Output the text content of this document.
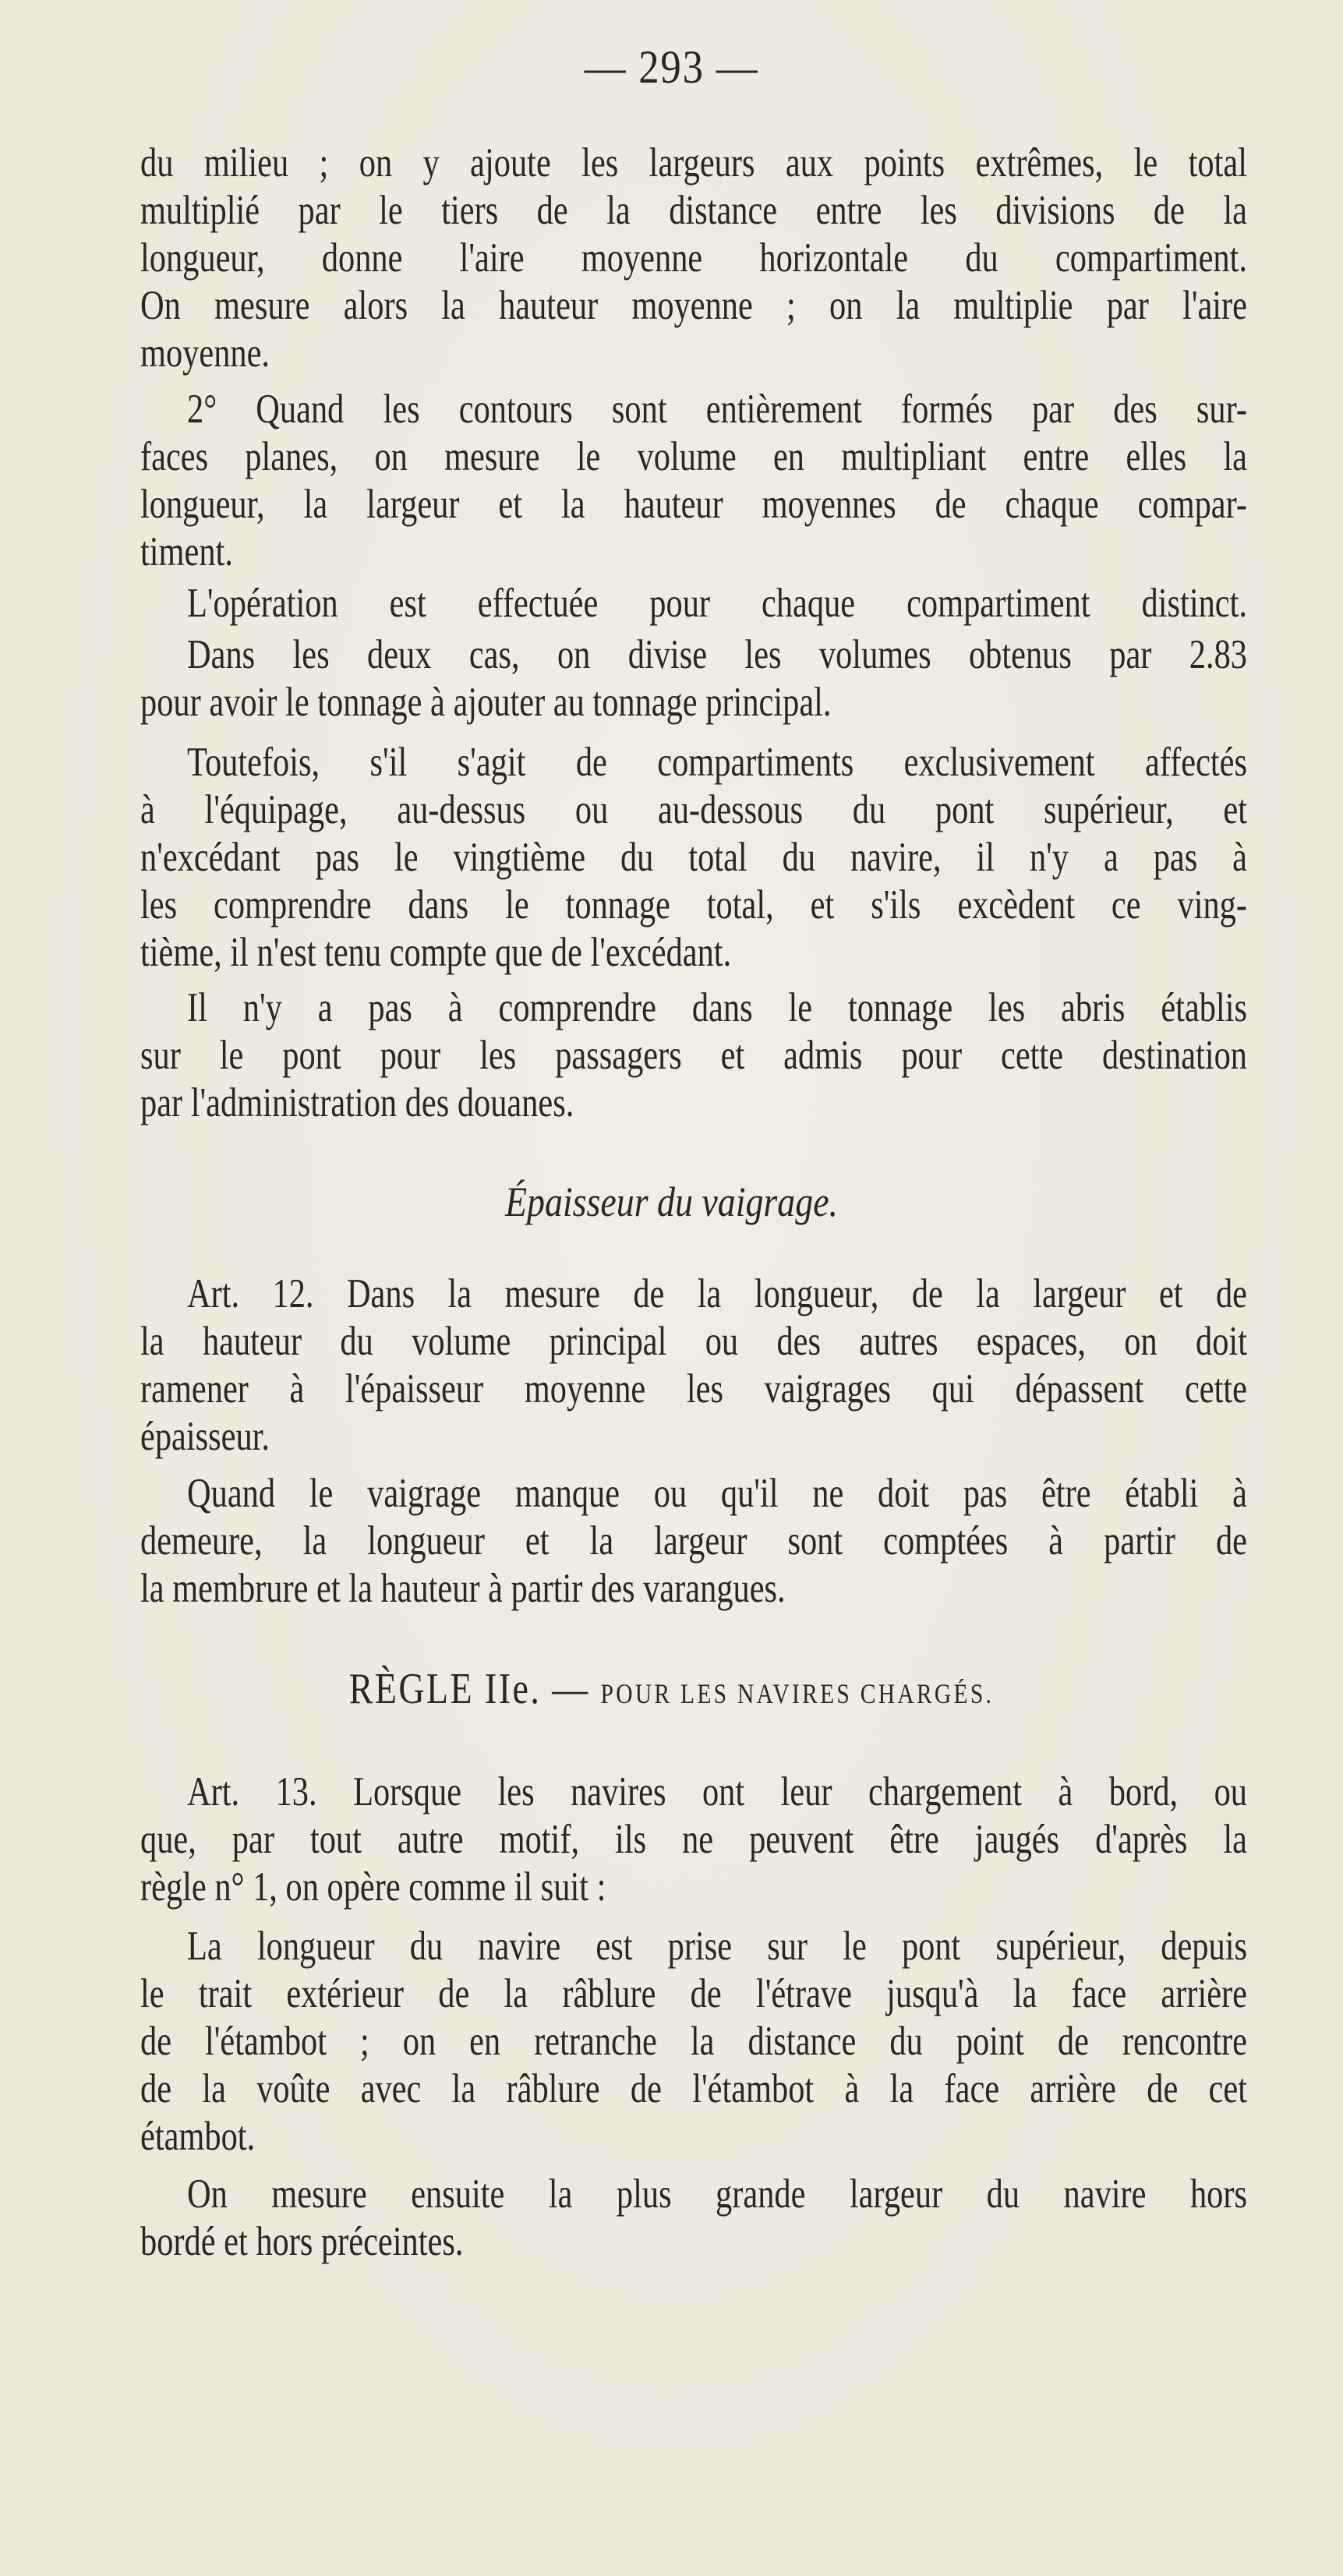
— 293 —
du milieu ; on y ajoute les largeurs aux points extrêmes, le total
multiplié par le tiers de la distance entre les divisions de la
longueur, donne l'aire moyenne horizontale du compartiment.
On mesure alors la hauteur moyenne ; on la multiplie par l'aire
moyenne.
2° Quand les contours sont entièrement formés par des sur-
faces planes, on mesure le volume en multipliant entre elles la
longueur, la largeur et la hauteur moyennes de chaque compar-
timent.
L'opération est effectuée pour chaque compartiment distinct.
Dans les deux cas, on divise les volumes obtenus par 2.83
pour avoir le tonnage à ajouter au tonnage principal.
Toutefois, s'il s'agit de compartiments exclusivement affectés
à l'équipage, au-dessus ou au-dessous du pont supérieur, et
n'excédant pas le vingtième du total du navire, il n'y a pas à
les comprendre dans le tonnage total, et s'ils excèdent ce ving-
tième, il n'est tenu compte que de l'excédant.
Il n'y a pas à comprendre dans le tonnage les abris établis
sur le pont pour les passagers et admis pour cette destination
par l'administration des douanes.
Épaisseur du vaigrage.
Art. 12. Dans la mesure de la longueur, de la largeur et de
la hauteur du volume principal ou des autres espaces, on doit
ramener à l'épaisseur moyenne les vaigrages qui dépassent cette
épaisseur.
Quand le vaigrage manque ou qu'il ne doit pas être établi à
demeure, la longueur et la largeur sont comptées à partir de
la membrure et la hauteur à partir des varangues.
RÈGLE IIe. — POUR LES NAVIRES CHARGÉS.
Art. 13. Lorsque les navires ont leur chargement à bord, ou
que, par tout autre motif, ils ne peuvent être jaugés d'après la
règle n° 1, on opère comme il suit :
La longueur du navire est prise sur le pont supérieur, depuis
le trait extérieur de la râblure de l'étrave jusqu'à la face arrière
de l'étambot ; on en retranche la distance du point de rencontre
de la voûte avec la râblure de l'étambot à la face arrière de cet
étambot.
On mesure ensuite la plus grande largeur du navire hors
bordé et hors préceintes.
